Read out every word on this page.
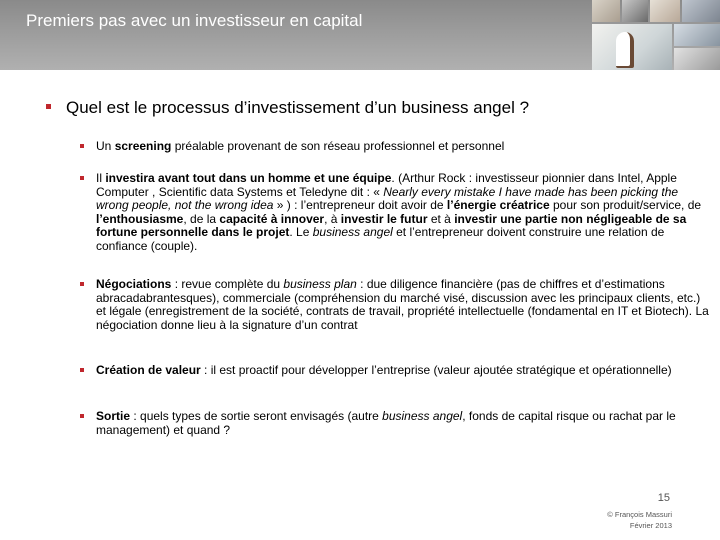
Premiers pas avec un investisseur en capital
Quel est le processus d’investissement d’un business angel ?
Un screening préalable provenant de son réseau professionnel et personnel
Il investira avant tout dans un homme et une équipe. (Arthur Rock : investisseur pionnier dans Intel, Apple Computer , Scientific data Systems et Teledyne dit : « Nearly every mistake I have made has been picking the wrong people, not the wrong idea » ) : l’entrepreneur doit avoir de l’énergie créatrice pour son produit/service, de l’enthousiasme, de la capacité à innover, à investir le futur et à investir une partie non négligeable de sa fortune personnelle dans le projet. Le business angel et l’entrepreneur doivent construire une relation de confiance (couple).
Négociations : revue complète du business plan : due diligence financière (pas de chiffres et d’estimations abracadabrantesques), commerciale (compréhension du marché visé, discussion avec les principaux clients, etc.) et légale (enregistrement de la société, contrats de travail, propriété intellectuelle (fondamental en IT et Biotech). La négociation donne lieu à la signature d’un contrat
Création de valeur : il est proactif pour développer l’entreprise (valeur ajoutée stratégique et opérationnelle)
Sortie : quels types de sortie seront envisagés (autre business angel, fonds de capital risque ou rachat par le management) et quand ?
15
© François Massuri
Février 2013
